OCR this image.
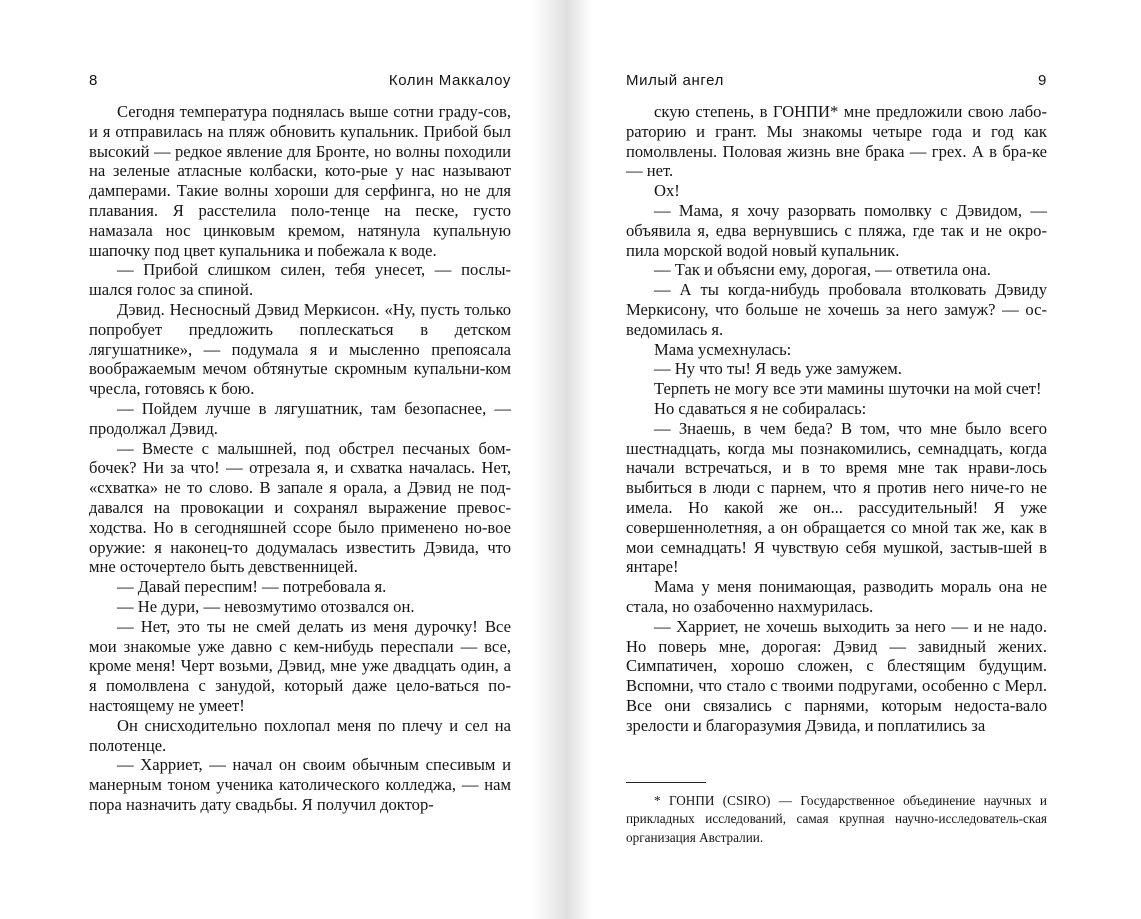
8	Колин Маккалоу

Сегодня температура поднялась выше сотни граду-сов, и я отправилась на пляж обновить купальник. Прибой был высокий — редкое явление для Бронте, но волны походили на зеленые атласные колбаски, кото-рые у нас называют дамперами. Такие волны хороши для серфинга, но не для плавания. Я расстелила поло-тенце на песке, густо намазала нос цинковым кремом, натянула купальную шапочку под цвет купальника и побежала к воде.

— Прибой слишком силен, тебя унесет, — послы-шался голос за спиной.

Дэвид. Несносный Дэвид Меркисон. «Ну, пусть только попробует предложить поплескаться в детском лягушатнике», — подумала я и мысленно препоясала воображаемым мечом обтянутые скромным купальни-ком чресла, готовясь к бою.

— Пойдем лучше в лягушатник, там безопаснее, — продолжал Дэвид.

— Вместе с малышней, под обстрел песчаных бом-бочек? Ни за что! — отрезала я, и схватка началась. Нет, «схватка» не то слово. В запале я орала, а Дэвид не под-давался на провокации и сохранял выражение превос-ходства. Но в сегодняшней ссоре было применено но-вое оружие: я наконец-то додумалась известить Дэвида, что мне осточертело быть девственницей.

— Давай переспим! — потребовала я.

— Не дури, — невозмутимо отозвался он.

— Нет, это ты не смей делать из меня дурочку! Все мои знакомые уже давно с кем-нибудь переспали — все, кроме меня! Черт возьми, Дэвид, мне уже двадцать один, а я помолвлена с занудой, который даже цело-ваться по-настоящему не умеет!

Он снисходительно похлопал меня по плечу и сел на полотенце.

— Харриет, — начал он своим обычным спесивым и манерным тоном ученика католического колледжа, — нам пора назначить дату свадьбы. Я получил доктор-

Милый ангел	9

скую степень, в ГОНПИ* мне предложили свою лабо-раторию и грант. Мы знакомы четыре года и год как помолвлены. Половая жизнь вне брака — грех. А в бра-ке — нет.

Ох!

— Мама, я хочу разорвать помолвку с Дэвидом, — объявила я, едва вернувшись с пляжа, где так и не окро-пила морской водой новый купальник.

— Так и объясни ему, дорогая, — ответила она.

— А ты когда-нибудь пробовала втолковать Дэвиду Меркисону, что больше не хочешь за него замуж? — ос-ведомилась я.

Мама усмехнулась:

— Ну что ты! Я ведь уже замужем.

Терпеть не могу все эти мамины шуточки на мой счет!

Но сдаваться я не собиралась:

— Знаешь, в чем беда? В том, что мне было всего шестнадцать, когда мы познакомились, семнадцать, когда начали встречаться, и в то время мне так нрави-лось выбиться в люди с парнем, что я против него ниче-го не имела. Но какой же он... рассудительный! Я уже совершеннолетняя, а он обращается со мной так же, как в мои семнадцать! Я чувствую себя мушкой, застыв-шей в янтаре!

Мама у меня понимающая, разводить мораль она не стала, но озабоченно нахмурилась.

— Харриет, не хочешь выходить за него — и не надо. Но поверь мне, дорогая: Дэвид — завидный жених. Симпатичен, хорошо сложен, с блестящим будущим. Вспомни, что стало с твоими подругами, особенно с Мерл. Все они связались с парнями, которым недоста-вало зрелости и благоразумия Дэвида, и поплатились за

* ГОНПИ (CSIRO) — Государственное объединение научных и прикладных исследований, самая крупная научно-исследователь-ская организация Австралии.
